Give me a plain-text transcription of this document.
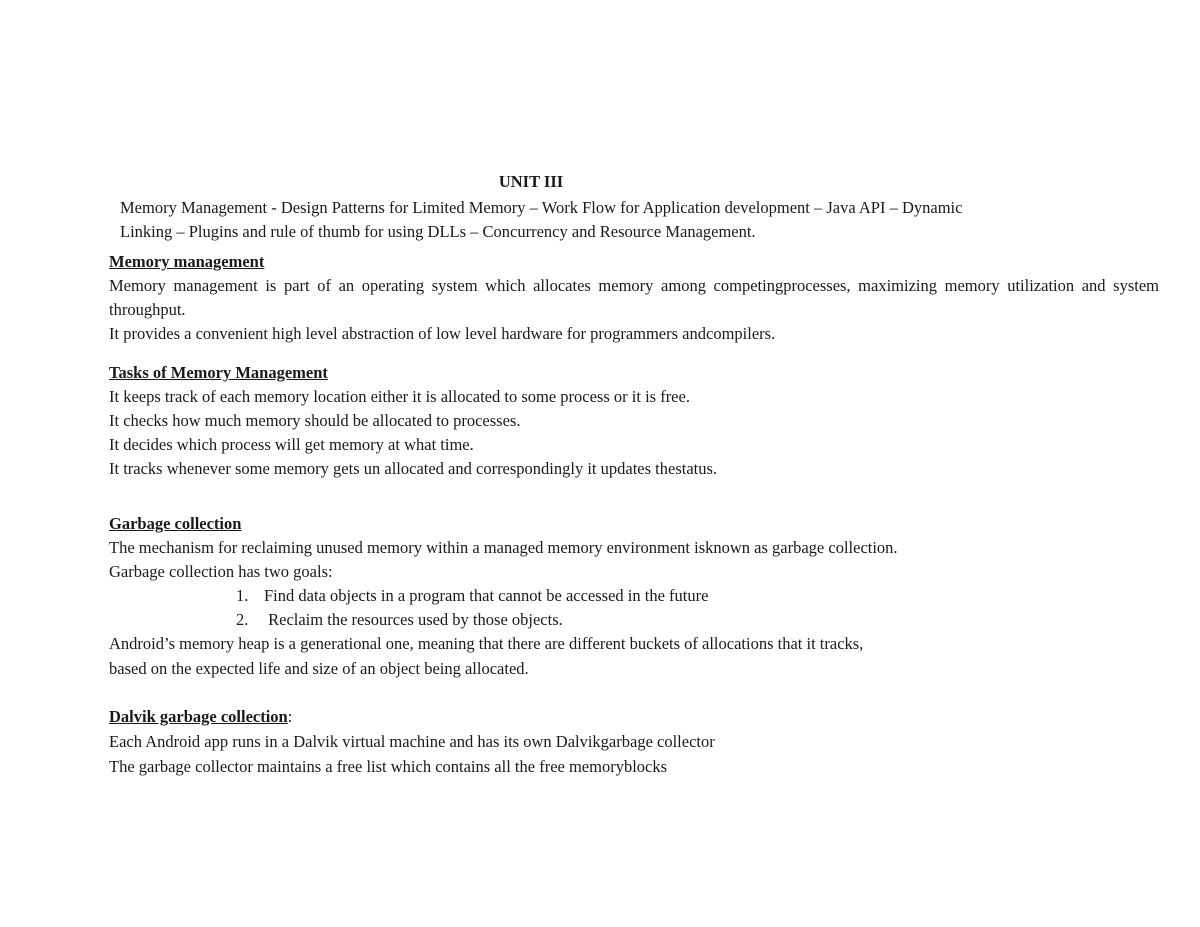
UNIT III
Memory Management - Design Patterns for Limited Memory – Work Flow for Application development – Java API – Dynamic
Linking – Plugins and rule of thumb for using DLLs – Concurrency and Resource Management.
Memory management
Memory management is part of an operating system which allocates memory among competingprocesses, maximizing memory utilization and system throughput.
It provides a convenient high level abstraction of low level hardware for programmers andcompilers.
Tasks of Memory Management
It keeps track of each memory location either it is allocated to some process or it is free.
It checks how much memory should be allocated to processes.
It decides which process will get memory at what time.
It tracks whenever some memory gets un allocated and correspondingly it updates thestatus.
Garbage collection
The mechanism for reclaiming unused memory within a managed memory environment isknown as garbage collection.
Garbage collection has two goals:
1. Find data objects in a program that cannot be accessed in the future
2. Reclaim the resources used by those objects.
Android’s memory heap is a generational one, meaning that there are different buckets of allocations that it tracks,
based on the expected life and size of an object being allocated.
Dalvik garbage collection:
Each Android app runs in a Dalvik virtual machine and has its own Dalvikgarbage collector
The garbage collector maintains a free list which contains all the free memoryblocks
